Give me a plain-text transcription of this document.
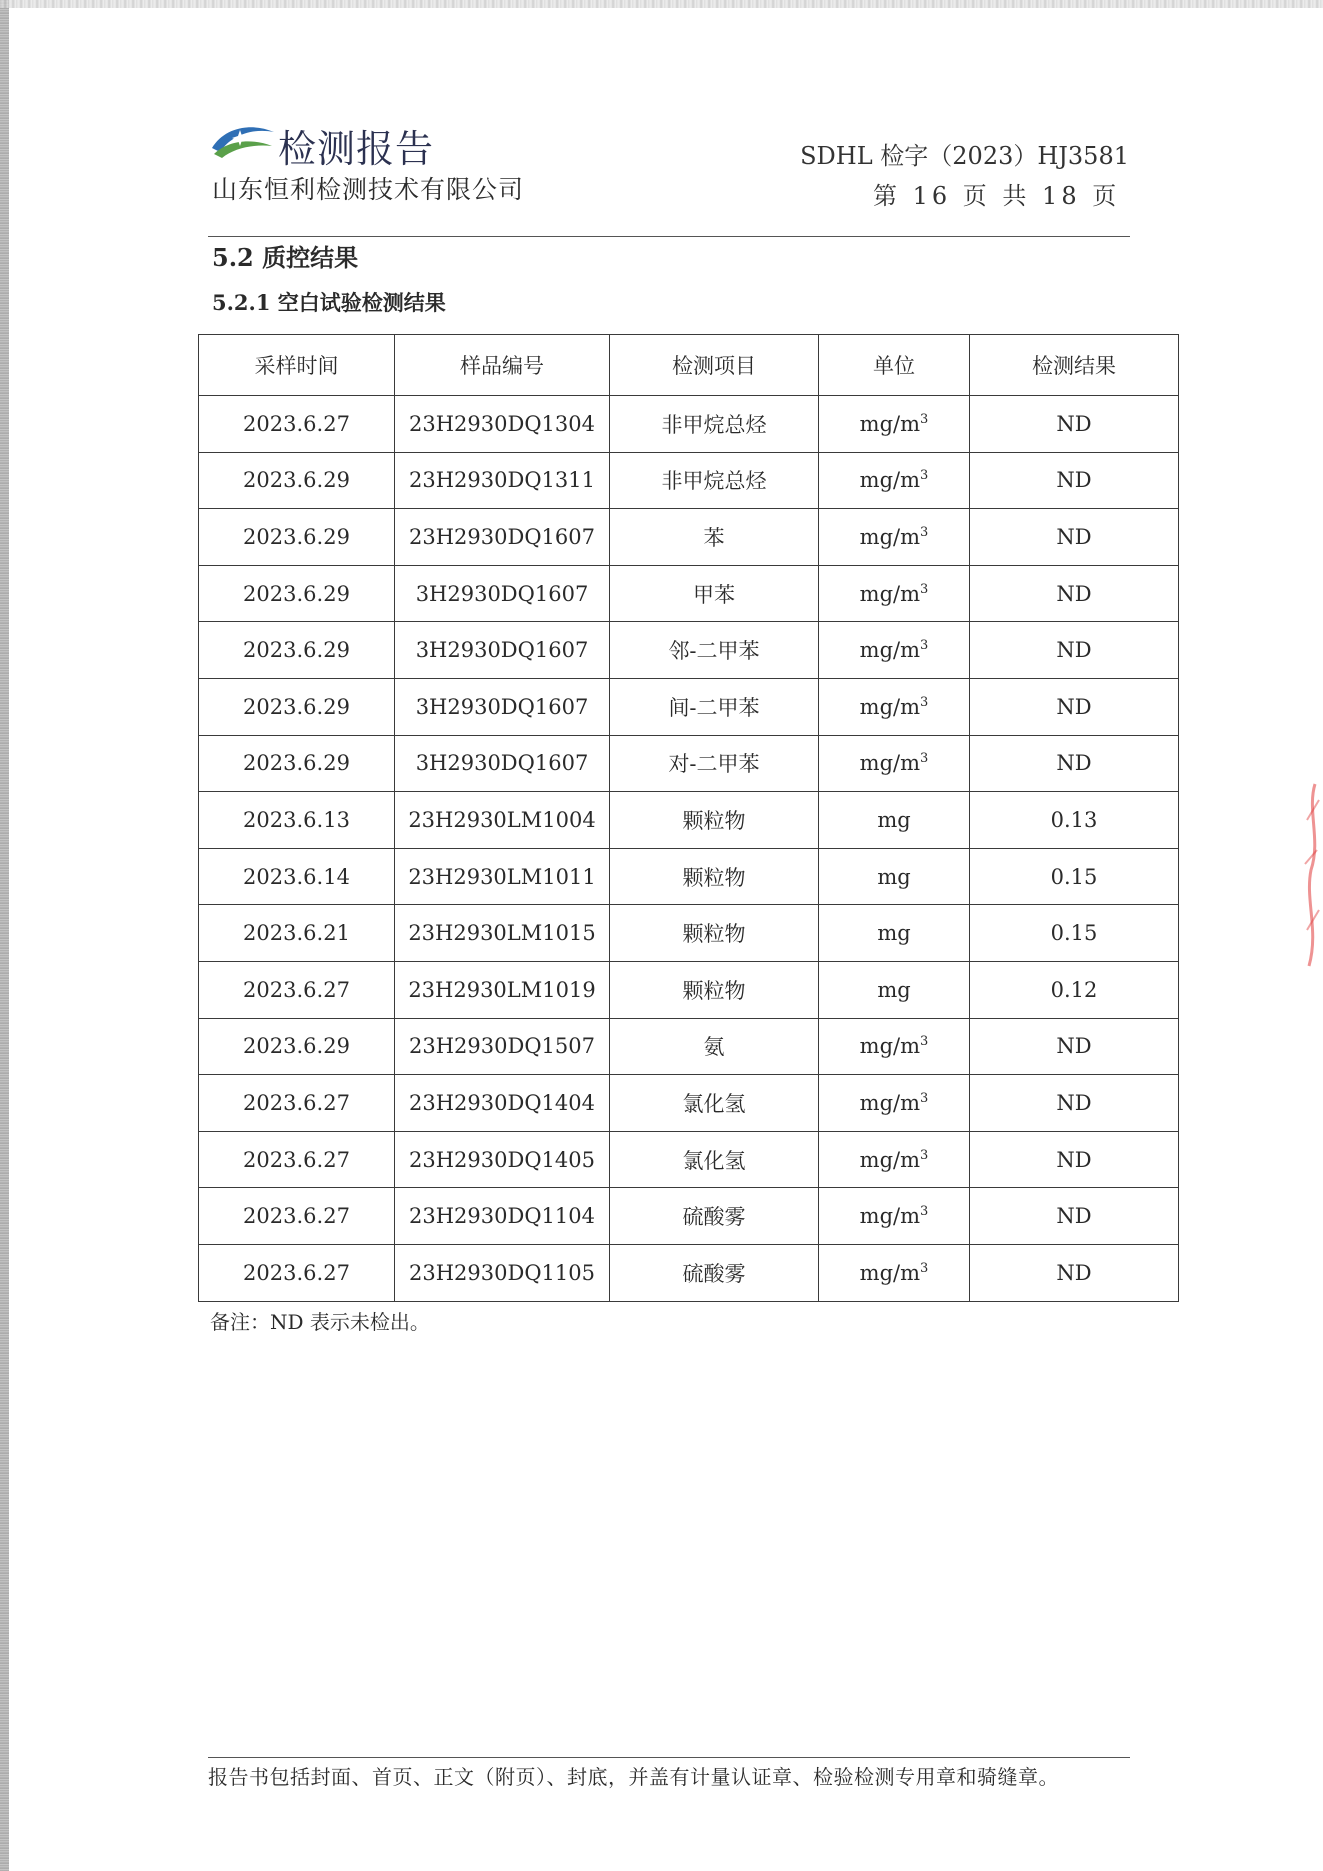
检测报告
山东恒利检测技术有限公司
SDHL 检字（2023）HJ3581
第 16 页 共 18 页
5.2 质控结果
5.2.1 空白试验检测结果
采样时间	样品编号	检测项目	单位	检测结果
2023.6.27	23H2930DQ1304	非甲烷总烃	$mg/m^3$	ND
2023.6.29	23H2930DQ1311	非甲烷总烃	$mg/m^3$	ND
2023.6.29	23H2930DQ1607	苯	$mg/m^3$	ND
2023.6.29	3H2930DQ1607	甲苯	$mg/m^3$	ND
2023.6.29	3H2930DQ1607	邻-二甲苯	$mg/m^3$	ND
2023.6.29	3H2930DQ1607	间-二甲苯	$mg/m^3$	ND
2023.6.29	3H2930DQ1607	对-二甲苯	$mg/m^3$	ND
2023.6.13	23H2930LM1004	颗粒物	mg	0.13
2023.6.14	23H2930LM1011	颗粒物	mg	0.15
2023.6.21	23H2930LM1015	颗粒物	mg	0.15
2023.6.27	23H2930LM1019	颗粒物	mg	0.12
2023.6.29	23H2930DQ1507	氨	$mg/m^3$	ND
2023.6.27	23H2930DQ1404	氯化氢	$mg/m^3$	ND
2023.6.27	23H2930DQ1405	氯化氢	$mg/m^3$	ND
2023.6.27	23H2930DQ1104	硫酸雾	$mg/m^3$	ND
2023.6.27	23H2930DQ1105	硫酸雾	$mg/m^3$	ND
备注：ND 表示未检出。
报告书包括封面、首页、正文（附页）、封底，并盖有计量认证章、检验检测专用章和骑缝章。
